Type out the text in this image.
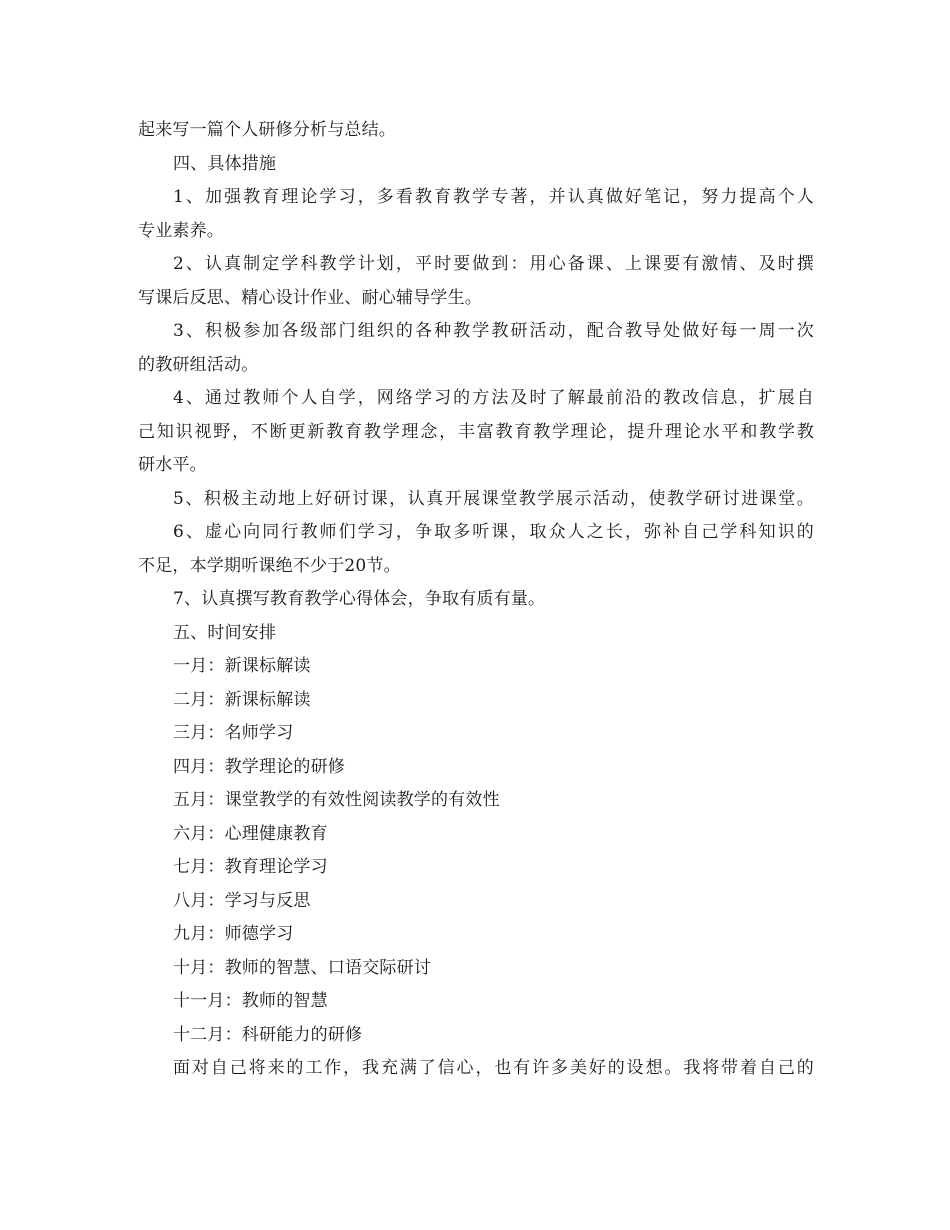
起来写一篇个人研修分析与总结。
四、具体措施
1、加强教育理论学习，多看教育教学专著，并认真做好笔记，努力提高个人
专业素养。
2、认真制定学科教学计划，平时要做到：用心备课、上课要有激情、及时撰
写课后反思、精心设计作业、耐心辅导学生。
3、积极参加各级部门组织的各种教学教研活动，配合教导处做好每一周一次
的教研组活动。
4、通过教师个人自学，网络学习的方法及时了解最前沿的教改信息，扩展自
己知识视野，不断更新教育教学理念，丰富教育教学理论，提升理论水平和教学教
研水平。
5、积极主动地上好研讨课，认真开展课堂教学展示活动，使教学研讨进课堂。
6、虚心向同行教师们学习，争取多听课，取众人之长，弥补自己学科知识的
不足，本学期听课绝不少于20节。
7、认真撰写教育教学心得体会，争取有质有量。
五、时间安排
一月：新课标解读
二月：新课标解读
三月：名师学习
四月：教学理论的研修
五月：课堂教学的有效性阅读教学的有效性
六月：心理健康教育
七月：教育理论学习
八月：学习与反思
九月：师德学习
十月：教师的智慧、口语交际研讨
十一月：教师的智慧
十二月：科研能力的研修
面对自己将来的工作，我充满了信心，也有许多美好的设想。我将带着自己的
